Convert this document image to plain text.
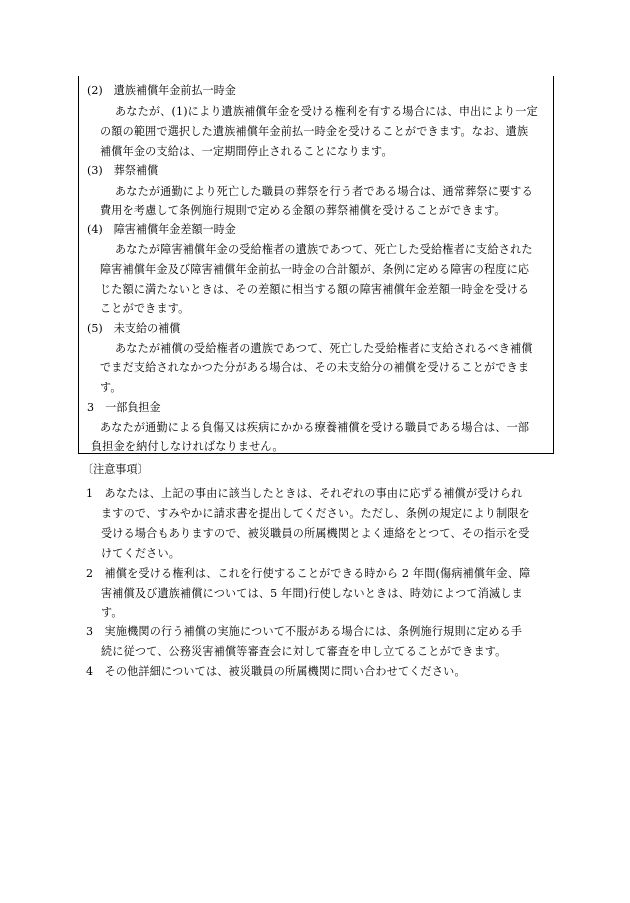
(2)　遺族補償年金前払一時金
あなたが、(1)により遺族補償年金を受ける権利を有する場合には、申出により一定
の額の範囲で選択した遺族補償年金前払一時金を受けることができます。なお、遺族
補償年金の支給は、一定期間停止されることになります。
(3)　葬祭補償
あなたが通勤により死亡した職員の葬祭を行う者である場合は、通常葬祭に要する
費用を考慮して条例施行規則で定める金額の葬祭補償を受けることができます。
(4)　障害補償年金差額一時金
あなたが障害補償年金の受給権者の遺族であつて、死亡した受給権者に支給された
障害補償年金及び障害補償年金前払一時金の合計額が、条例に定める障害の程度に応
じた額に満たないときは、その差額に相当する額の障害補償年金差額一時金を受ける
ことができます。
(5)　未支給の補償
あなたが補償の受給権者の遺族であつて、死亡した受給権者に支給されるべき補償
でまだ支給されなかつた分がある場合は、その未支給分の補償を受けることができま
す。
3　一部負担金
あなたが通勤による負傷又は疾病にかかる療養補償を受ける職員である場合は、一部
負担金を納付しなければなりません。
〔注意事項〕
1　あなたは、上記の事由に該当したときは、それぞれの事由に応ずる補償が受けられ
ますので、すみやかに請求書を提出してください。ただし、条例の規定により制限を
受ける場合もありますので、被災職員の所属機関とよく連絡をとつて、その指示を受
けてください。
2　補償を受ける権利は、これを行使することができる時から 2 年間(傷病補償年金、障
害補償及び遺族補償については、5 年間)行使しないときは、時効によつて消滅しま
す。
3　実施機関の行う補償の実施について不服がある場合には、条例施行規則に定める手
続に従つて、公務災害補償等審査会に対して審査を申し立てることができます。
4　その他詳細については、被災職員の所属機関に問い合わせてください。
